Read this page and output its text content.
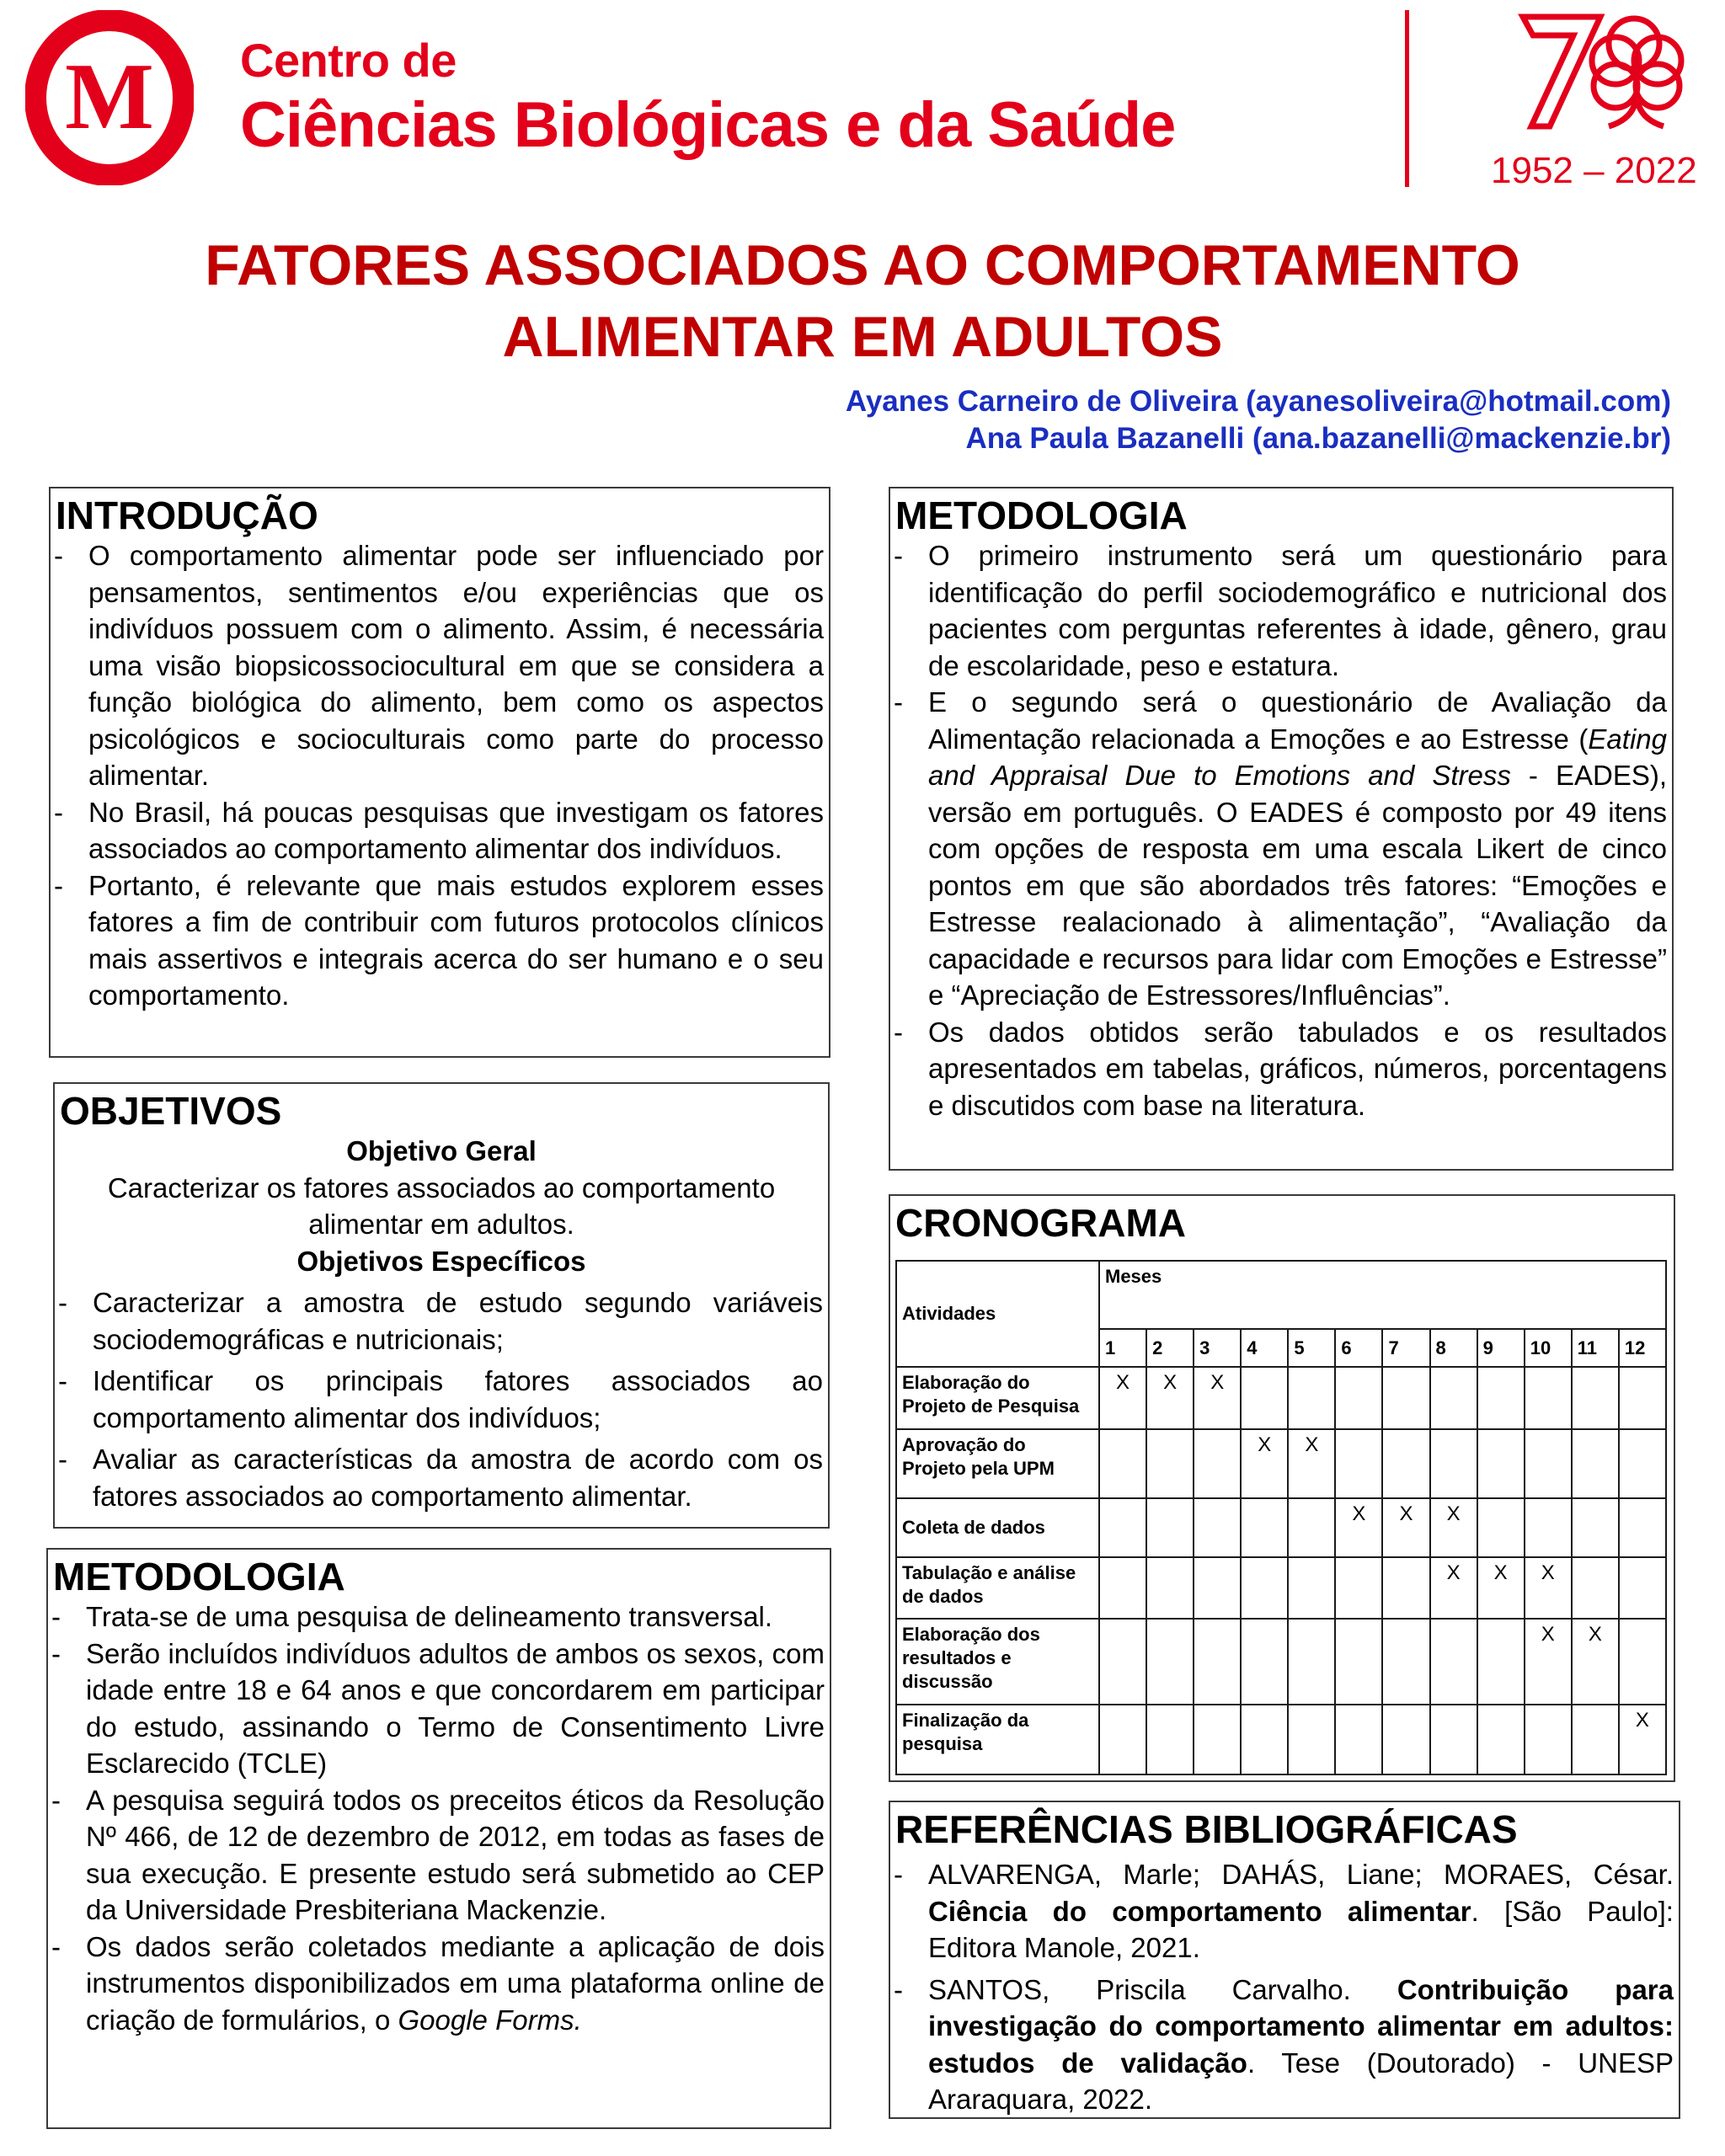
M Centro de
Ciências Biológicas e da Saúde
1952 – 2022
FATORES ASSOCIADOS AO COMPORTAMENTO
ALIMENTAR EM ADULTOS
Ayanes Carneiro de Oliveira (ayanesoliveira@hotmail.com)
Ana Paula Bazanelli (ana.bazanelli@mackenzie.br)
INTRODUÇÃO
- O comportamento alimentar pode ser influenciado por pensamentos, sentimentos e/ou experiências que os indivíduos possuem com o alimento. Assim, é necessária uma visão biopsicossociocultural em que se considera a função biológica do alimento, bem como os aspectos psicológicos e socioculturais como parte do processo alimentar.
- No Brasil, há poucas pesquisas que investigam os fatores associados ao comportamento alimentar dos indivíduos.
- Portanto, é relevante que mais estudos explorem esses fatores a fim de contribuir com futuros protocolos clínicos mais assertivos e integrais acerca do ser humano e o seu comportamento.
OBJETIVOS
Objetivo Geral
Caracterizar os fatores associados ao comportamento alimentar em adultos.
Objetivos Específicos
- Caracterizar a amostra de estudo segundo variáveis sociodemográficas e nutricionais;
- Identificar os principais fatores associados ao comportamento alimentar dos indivíduos;
- Avaliar as características da amostra de acordo com os fatores associados ao comportamento alimentar.
METODOLOGIA
- Trata-se de uma pesquisa de delineamento transversal.
- Serão incluídos indivíduos adultos de ambos os sexos, com idade entre 18 e 64 anos e que concordarem em participar do estudo, assinando o Termo de Consentimento Livre Esclarecido (TCLE)
- A pesquisa seguirá todos os preceitos éticos da Resolução Nº 466, de 12 de dezembro de 2012, em todas as fases de sua execução. E presente estudo será submetido ao CEP da Universidade Presbiteriana Mackenzie.
- Os dados serão coletados mediante a aplicação de dois instrumentos disponibilizados em uma plataforma online de criação de formulários, o Google Forms.
METODOLOGIA
- O primeiro instrumento será um questionário para identificação do perfil sociodemográfico e nutricional dos pacientes com perguntas referentes à idade, gênero, grau de escolaridade, peso e estatura.
- E o segundo será o questionário de Avaliação da Alimentação relacionada a Emoções e ao Estresse (Eating and Appraisal Due to Emotions and Stress - EADES), versão em português. O EADES é composto por 49 itens com opções de resposta em uma escala Likert de cinco pontos em que são abordados três fatores: “Emoções e Estresse realacionado à alimentação”, “Avaliação da capacidade e recursos para lidar com Emoções e Estresse” e “Apreciação de Estressores/Influências”.
- Os dados obtidos serão tabulados e os resultados apresentados em tabelas, gráficos, números, porcentagens e discutidos com base na literatura.
CRONOGRAMA
Atividades	Meses											
	1	2	3	4	5	6	7	8	9	10	11	12
Elaboração do Projeto de Pesquisa	X	X	X									
Aprovação do Projeto pela UPM				X	X							
Coleta de dados						X	X	X				
Tabulação e análise de dados								X	X	X		
Elaboração dos resultados e discussão										X	X	
Finalização da pesquisa												X
REFERÊNCIAS BIBLIOGRÁFICAS
- ALVARENGA, Marle; DAHÁS, Liane; MORAES, César. Ciência do comportamento alimentar. [São Paulo]: Editora Manole, 2021.
- SANTOS, Priscila Carvalho. Contribuição para investigação do comportamento alimentar em adultos: estudos de validação. Tese (Doutorado) - UNESP Araraquara, 2022.
